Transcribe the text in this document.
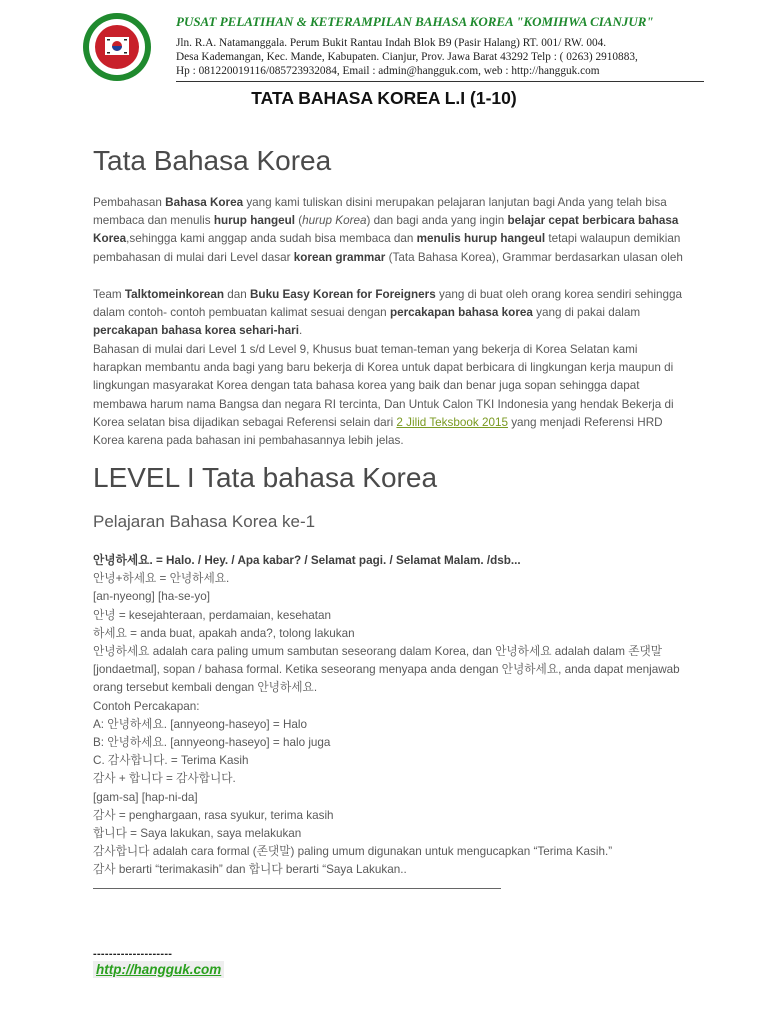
PUSAT PELATIHAN & KETERAMPILAN BAHASA KOREA "KOMIHWA CIANJUR"
Jln. R.A. Natamanggala. Perum Bukit Rantau Indah Blok B9 (Pasir Halang) RT. 001/ RW. 004.
Desa Kademangan, Kec. Mande, Kabupaten. Cianjur, Prov. Jawa Barat 43292 Telp : ( 0263) 2910883,
Hp : 081220019116/085723932084, Email : admin@hangguk.com, web : http://hangguk.com
TATA BAHASA KOREA L.I (1-10)
Tata Bahasa Korea
Pembahasan Bahasa Korea yang kami tuliskan disini merupakan pelajaran lanjutan bagi Anda yang telah bisa membaca dan menulis hurup hangeul (hurup Korea) dan bagi anda yang ingin belajar cepat berbicara bahasa Korea,sehingga kami anggap anda sudah bisa membaca dan menulis hurup hangeul tetapi walaupun demikian pembahasan di mulai dari Level dasar korean grammar (Tata Bahasa Korea), Grammar berdasarkan ulasan oleh
Team Talktomeinkorean dan Buku Easy Korean for Foreigners yang di buat oleh orang korea sendiri sehingga dalam contoh- contoh pembuatan kalimat sesuai dengan percakapan bahasa korea yang di pakai dalam percakapan bahasa korea sehari-hari.
Bahasan di mulai dari Level 1 s/d Level 9, Khusus buat teman-teman yang bekerja di Korea Selatan kami harapkan membantu anda bagi yang baru bekerja di Korea untuk dapat berbicara di lingkungan kerja maupun di lingkungan masyarakat Korea dengan tata bahasa korea yang baik dan benar juga sopan sehingga dapat membawa harum nama Bangsa dan negara RI tercinta, Dan Untuk Calon TKI Indonesia yang hendak Bekerja di Korea selatan bisa dijadikan sebagai Referensi selain dari 2 Jilid Teksbook 2015 yang menjadi Referensi HRD Korea karena pada bahasan ini pembahasannya lebih jelas.
LEVEL I Tata bahasa Korea
Pelajaran Bahasa Korea ke-1
안녕하세요. = Halo. / Hey. / Apa kabar? / Selamat pagi. / Selamat Malam. /dsb...
안녕+하세요 = 안녕하세요.
[an-nyeong] [ha-se-yo]
안녕 = kesejahteraan, perdamaian, kesehatan
하세요 = anda buat, apakah anda?, tolong lakukan
안녕하세요 adalah cara paling umum sambutan seseorang dalam Korea, dan 안녕하세요 adalah dalam 존댓말 [jondaetmal], sopan / bahasa formal. Ketika seseorang menyapa anda dengan 안녕하세요, anda dapat menjawab orang tersebut kembali dengan 안녕하세요.
Contoh Percakapan:
A: 안녕하세요. [annyeong-haseyo] = Halo
B: 안녕하세요. [annyeong-haseyo] = halo juga
C. 감사합니다. = Terima Kasih
감사 + 합니다 = 감사합니다.
[gam-sa] [hap-ni-da]
감사 = penghargaan, rasa syukur, terima kasih
합니다 = Saya lakukan, saya melakukan
감사합니다 adalah cara formal (존댓말) paling umum digunakan untuk mengucapkan “Terima Kasih.”
감사 berarti “terimakasih” dan 합니다 berarti “Saya Lakukan..
--------------------
http://hangguk.com
